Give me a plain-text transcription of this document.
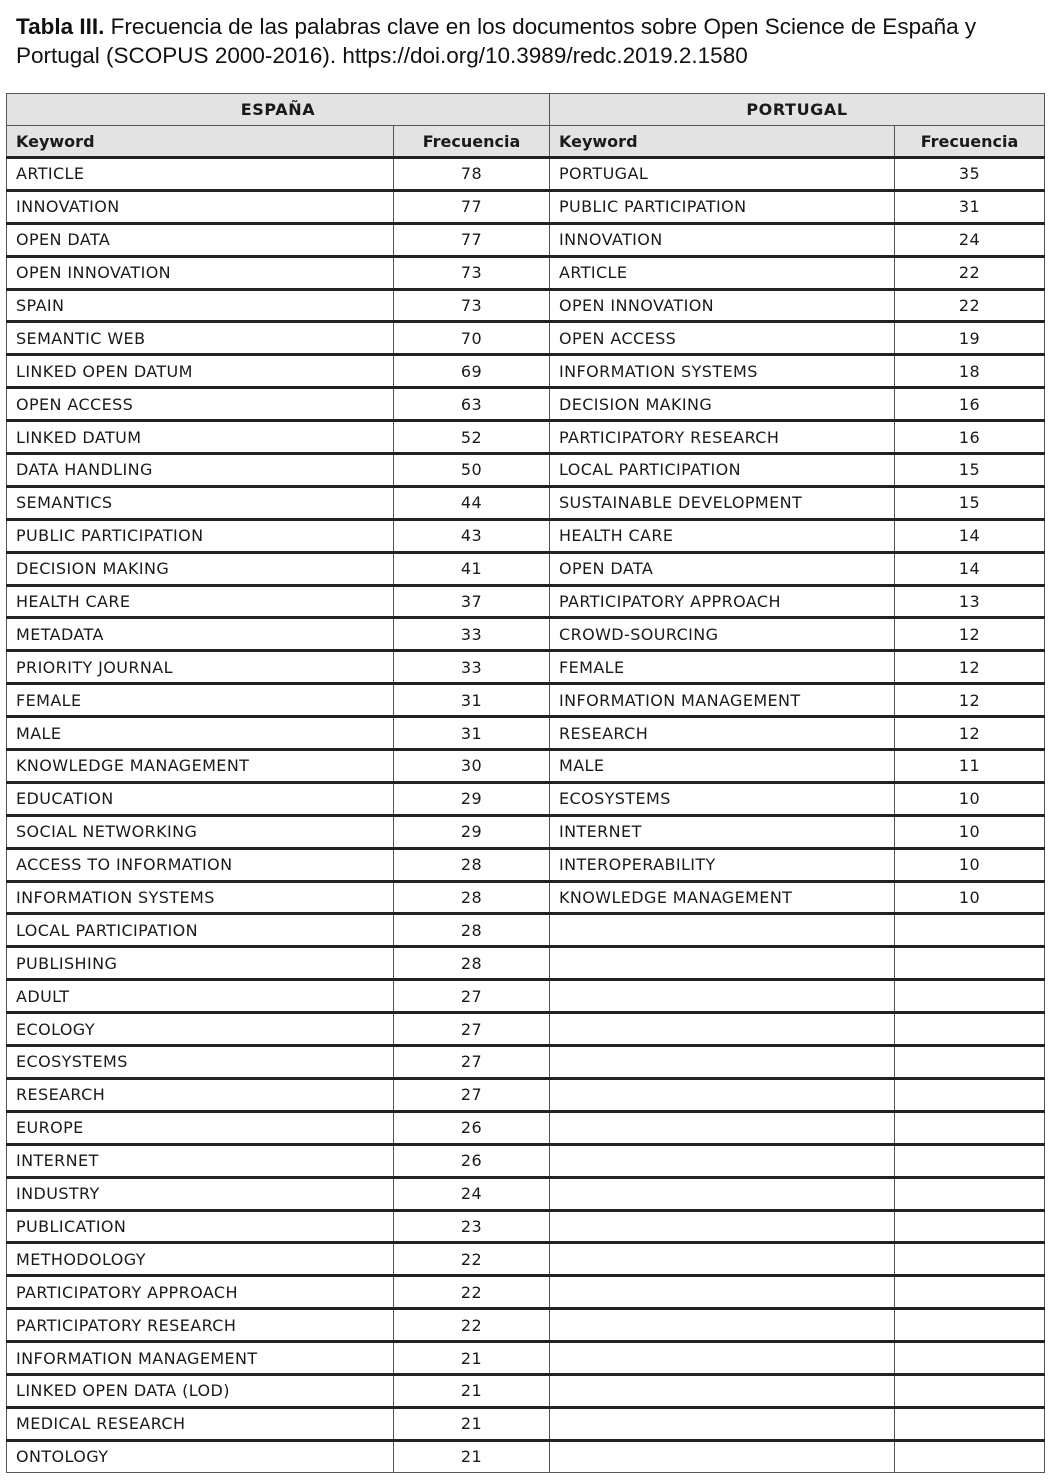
Tabla III. Frecuencia de las palabras clave en los documentos sobre Open Science de España y Portugal (SCOPUS 2000-2016). https://doi.org/10.3989/redc.2019.2.1580
ESPAÑA		PORTUGAL	
Keyword	Frecuencia	Keyword	Frecuencia
ARTICLE	78	PORTUGAL	35
INNOVATION	77	PUBLIC PARTICIPATION	31
OPEN DATA	77	INNOVATION	24
OPEN INNOVATION	73	ARTICLE	22
SPAIN	73	OPEN INNOVATION	22
SEMANTIC WEB	70	OPEN ACCESS	19
LINKED OPEN DATUM	69	INFORMATION SYSTEMS	18
OPEN ACCESS	63	DECISION MAKING	16
LINKED DATUM	52	PARTICIPATORY RESEARCH	16
DATA HANDLING	50	LOCAL PARTICIPATION	15
SEMANTICS	44	SUSTAINABLE DEVELOPMENT	15
PUBLIC PARTICIPATION	43	HEALTH CARE	14
DECISION MAKING	41	OPEN DATA	14
HEALTH CARE	37	PARTICIPATORY APPROACH	13
METADATA	33	CROWD-SOURCING	12
PRIORITY JOURNAL	33	FEMALE	12
FEMALE	31	INFORMATION MANAGEMENT	12
MALE	31	RESEARCH	12
KNOWLEDGE MANAGEMENT	30	MALE	11
EDUCATION	29	ECOSYSTEMS	10
SOCIAL NETWORKING	29	INTERNET	10
ACCESS TO INFORMATION	28	INTEROPERABILITY	10
INFORMATION SYSTEMS	28	KNOWLEDGE MANAGEMENT	10
LOCAL PARTICIPATION	28		
PUBLISHING	28		
ADULT	27		
ECOLOGY	27		
ECOSYSTEMS	27		
RESEARCH	27		
EUROPE	26		
INTERNET	26		
INDUSTRY	24		
PUBLICATION	23		
METHODOLOGY	22		
PARTICIPATORY APPROACH	22		
PARTICIPATORY RESEARCH	22		
INFORMATION MANAGEMENT	21		
LINKED OPEN DATA (LOD)	21		
MEDICAL RESEARCH	21		
ONTOLOGY	21		
